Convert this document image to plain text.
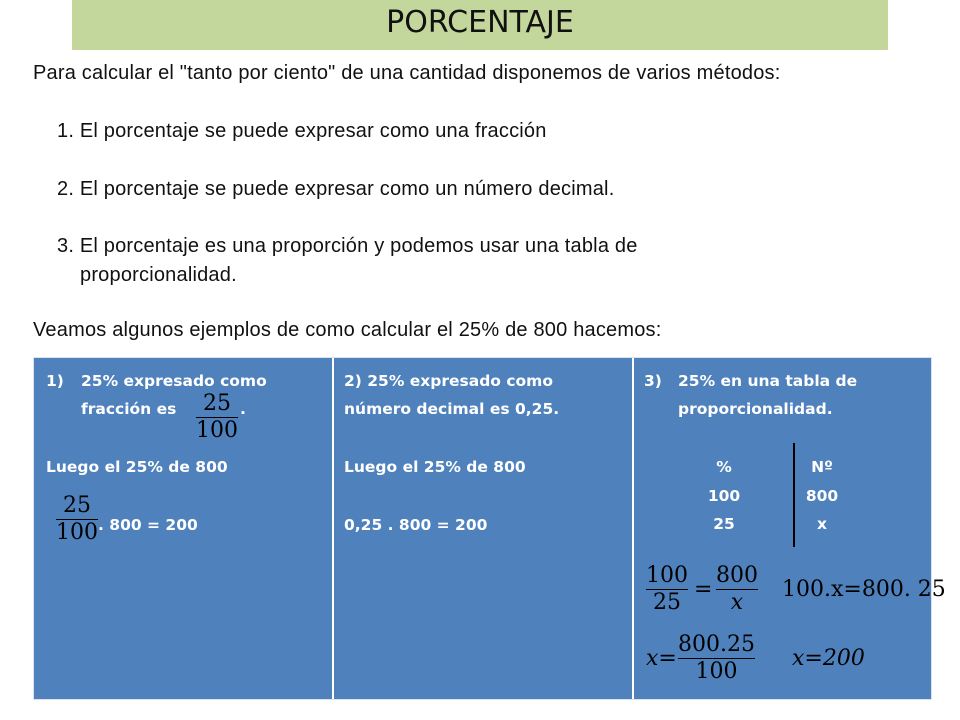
PORCENTAJE
Para calcular el "tanto por ciento" de una cantidad disponemos de varios métodos:
1. El porcentaje se puede expresar como una fracción
2. El porcentaje se puede expresar como un número decimal.
3. El porcentaje es una proporción y podemos usar una tabla de
proporcionalidad.
Veamos algunos ejemplos de como calcular el 25% de 800 hacemos:
1) 25% expresado como
fracción es 25
100
.
Luego el 25% de 800
25
100 . 800 = 200
2) 25% expresado como
número decimal es 0,25.
Luego el 25% de 800
0,25 . 800 = 200
3) 25% en una tabla de
proporcionalidad.
%	Nº
100	800
25	x
100
25
=
800
x
100.x=800. 25
x=
800.25
100
x=200
